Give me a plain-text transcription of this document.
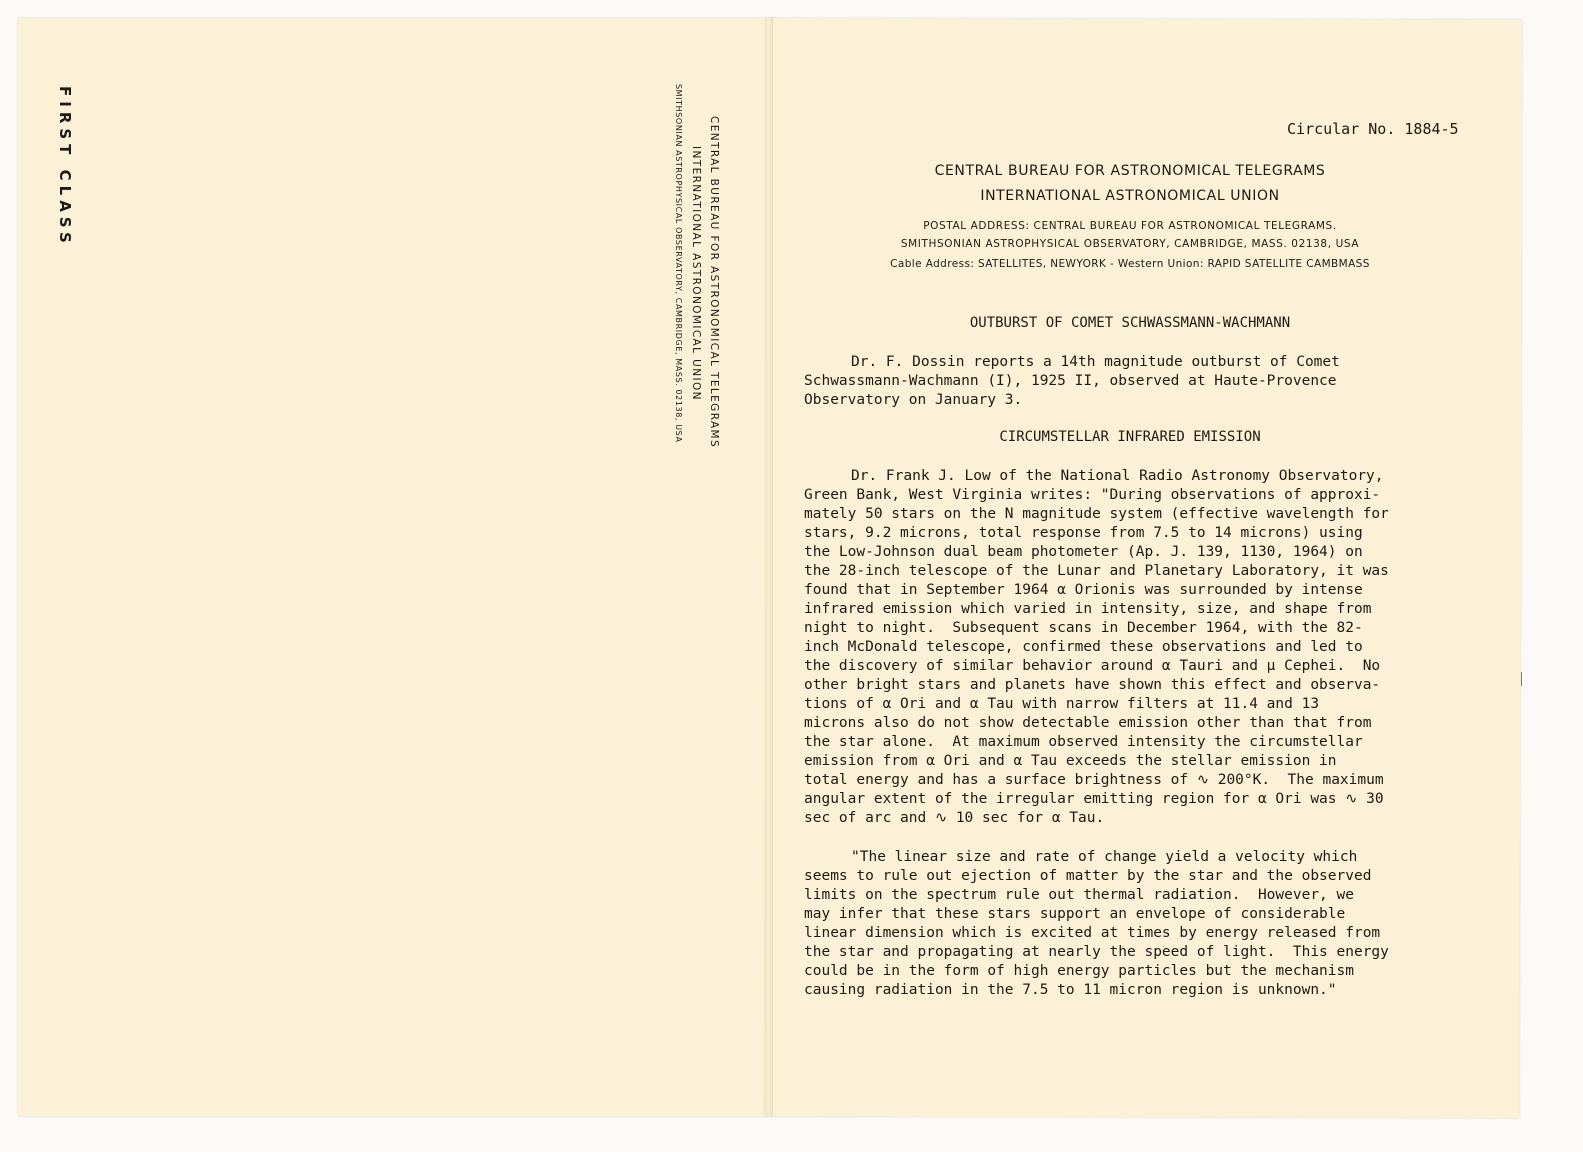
FIRST CLASS	CENTRAL BUREAU FOR ASTRONOMICAL TELEGRAMS
INTERNATIONAL ASTRONOMICAL UNION
SMITHSONIAN ASTROPHYSICAL OBSERVATORY, CAMBRIDGE, MASS. 02138, USA	Circular No. 1884-5
CENTRAL BUREAU FOR ASTRONOMICAL TELEGRAMS
INTERNATIONAL ASTRONOMICAL UNION
POSTAL ADDRESS: CENTRAL BUREAU FOR ASTRONOMICAL TELEGRAMS.
SMITHSONIAN ASTROPHYSICAL OBSERVATORY, CAMBRIDGE, MASS. 02138, USA
Cable Address: SATELLITES, NEWYORK - Western Union: RAPID SATELLITE CAMBMASS
OUTBURST OF COMET SCHWASSMANN-WACHMANN
Dr. F. Dossin reports a 14th magnitude outburst of Comet
Schwassmann-Wachmann (I), 1925 II, observed at Haute-Provence
Observatory on January 3.
CIRCUMSTELLAR INFRARED EMISSION
Dr. Frank J. Low of the National Radio Astronomy Observatory,
Green Bank, West Virginia writes: "During observations of approxi-
mately 50 stars on the N magnitude system (effective wavelength for
stars, 9.2 microns, total response from 7.5 to 14 microns) using
the Low-Johnson dual beam photometer (Ap. J. 139, 1130, 1964) on
the 28-inch telescope of the Lunar and Planetary Laboratory, it was
found that in September 1964 α Orionis was surrounded by intense
infrared emission which varied in intensity, size, and shape from
night to night.  Subsequent scans in December 1964, with the 82-
inch McDonald telescope, confirmed these observations and led to
the discovery of similar behavior around α Tauri and μ Cephei.  No
other bright stars and planets have shown this effect and observa-
tions of α Ori and α Tau with narrow filters at 11.4 and 13
microns also do not show detectable emission other than that from
the star alone.  At maximum observed intensity the circumstellar
emission from α Ori and α Tau exceeds the stellar emission in
total energy and has a surface brightness of ∿ 200°K.  The maximum
angular extent of the irregular emitting region for α Ori was ∿ 30
sec of arc and ∿ 10 sec for α Tau.
"The linear size and rate of change yield a velocity which
seems to rule out ejection of matter by the star and the observed
limits on the spectrum rule out thermal radiation.  However, we
may infer that these stars support an envelope of considerable
linear dimension which is excited at times by energy released from
the star and propagating at nearly the speed of light.  This energy
could be in the form of high energy particles but the mechanism
causing radiation in the 7.5 to 11 micron region is unknown."
